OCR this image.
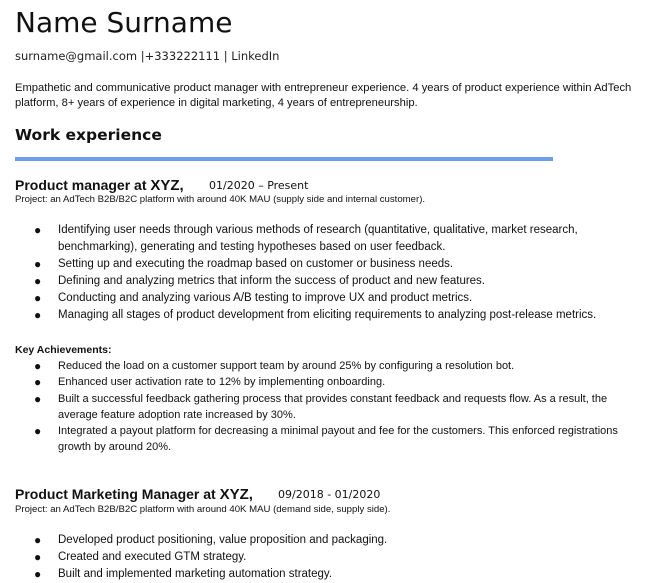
Name Surname
surname@gmail.com |+333222111 | LinkedIn

Empathetic and communicative product manager with entrepreneur experience. 4 years of product experience within AdTech platform, 8+ years of experience in digital marketing, 4 years of entrepreneurship.

Work experience
Product manager at XYZ, 01/2020 – Present
Project: an AdTech B2B/B2C platform with around 40K MAU (supply side and internal customer).
● Identifying user needs through various methods of research (quantitative, qualitative, market research, benchmarking), generating and testing hypotheses based on user feedback.
● Setting up and executing the roadmap based on customer or business needs.
● Defining and analyzing metrics that inform the success of product and new features.
● Conducting and analyzing various A/B testing to improve UX and product metrics.
● Managing all stages of product development from eliciting requirements to analyzing post-release metrics.
Key Achievements:
● Reduced the load on a customer support team by around 25% by configuring a resolution bot.
● Enhanced user activation rate to 12% by implementing onboarding.
● Built a successful feedback gathering process that provides constant feedback and requests flow. As a result, the average feature adoption rate increased by 30%.
● Integrated a payout platform for decreasing a minimal payout and fee for the customers. This enforced registrations growth by around 20%.
Product Marketing Manager at XYZ, 09/2018 - 01/2020
Project: an AdTech B2B/B2C platform with around 40K MAU (demand side, supply side).
● Developed product positioning, value proposition and packaging.
● Created and executed GTM strategy.
● Built and implemented marketing automation strategy.
